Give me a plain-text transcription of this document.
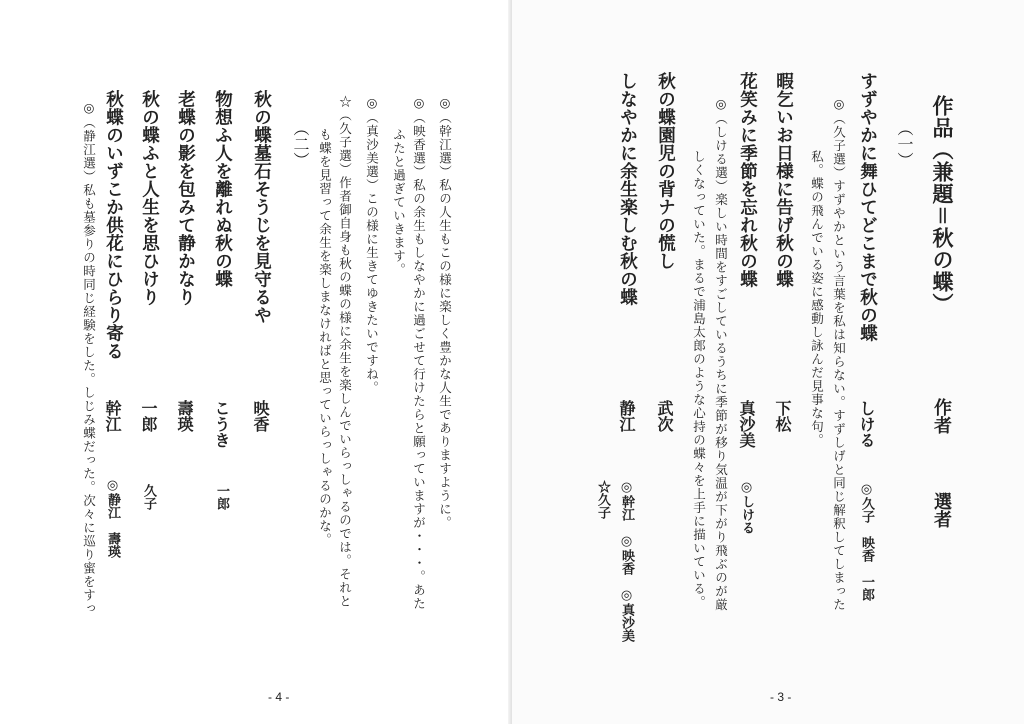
◎（幹江選）私の人生もこの様に楽しく豊かな人生でありますように。
◎（映香選）私の余生もしなやかに過ごせて行けたらと願っていますが・・・。あた
ふたと過ぎていきます。
◎（真沙美選）この様に生きてゆきたいですね。
☆（久子選）作者御自身も秋の蝶の様に余生を楽しんでいらっしゃるのでは。それと
も蝶を見習って余生を楽しまなければと思っていらっしゃるのかな。
（二）
秋の蝶墓石そうじを見守るや
映香
物想ふ人を離れぬ秋の蝶
こうき
一郎
老蝶の影を包みて静かなり
壽瑛
秋の蝶ふと人生を思ひけり
一郎
久子
秋蝶のいずこか供花にひらり寄る
幹江
◎静江　壽瑛
◎（静江選）私も墓参りの時同じ経験をした。しじみ蝶だった。次々に巡り蜜をすっ
- 4 -
作品（兼題＝秋の蝶）
作者
選者
（一）
すずやかに舞ひてどこまで秋の蝶
しける
◎久子　映香　一郎
◎（久子選）すずやかという言葉を私は知らない。すずしげと同じ解釈してしまった
私。蝶の飛んでいる姿に感動し詠んだ見事な句。
暇乞いお日様に告げ秋の蝶
下松
花笑みに季節を忘れ秋の蝶
真沙美
◎しける
◎（しける選）楽しい時間をすごしているうちに季節が移り気温が下がり飛ぶのが厳
しくなっていた。まるで浦島太郎のような心持の蝶々を上手に描いている。
秋の蝶園児の背ナの慌し
武次
しなやかに余生楽しむ秋の蝶
静江
◎幹江　◎映香　◎真沙美
☆久子
- 3 -
